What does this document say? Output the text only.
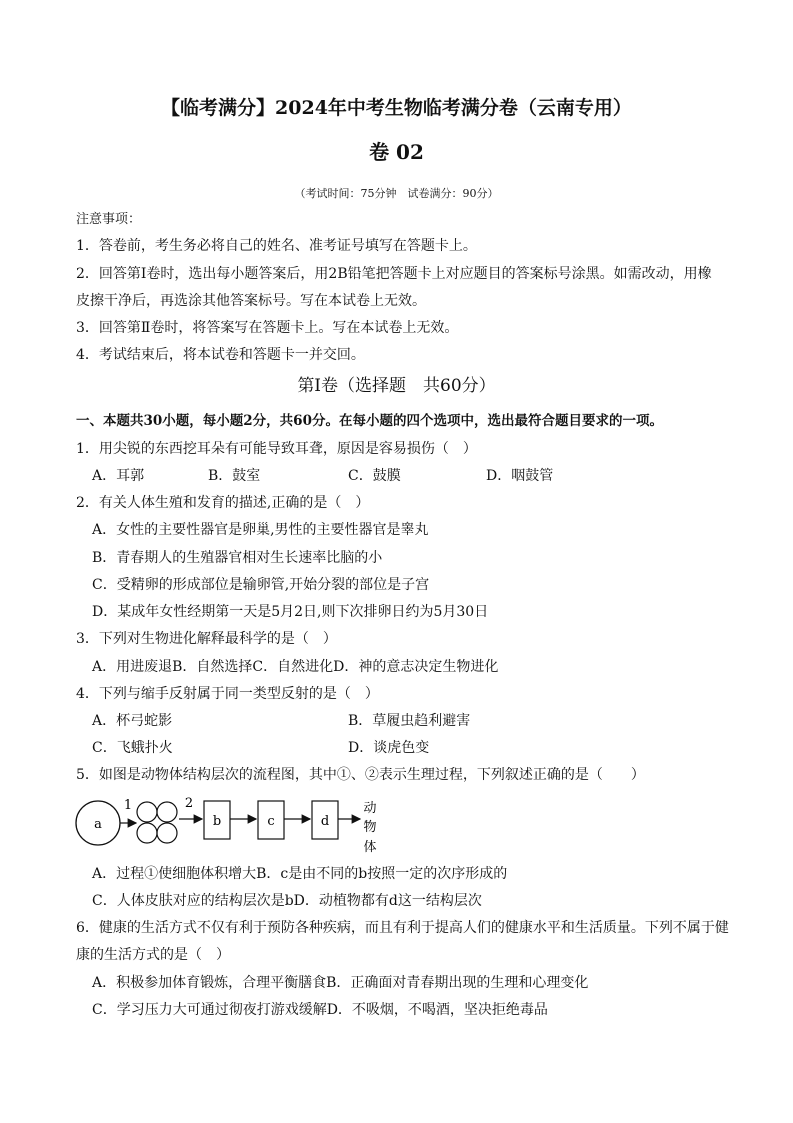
【临考满分】2024年中考生物临考满分卷（云南专用）
卷 02
（考试时间：75分钟　试卷满分：90分）
注意事项：
1．答卷前，考生务必将自己的姓名、准考证号填写在答题卡上。
2．回答第Ⅰ卷时，选出每小题答案后，用2B铅笔把答题卡上对应题目的答案标号涂黑。如需改动，用橡
皮擦干净后，再选涂其他答案标号。写在本试卷上无效。
3．回答第Ⅱ卷时，将答案写在答题卡上。写在本试卷上无效。
4．考试结束后，将本试卷和答题卡一并交回。
第Ⅰ卷（选择题　共60分）
一、本题共30小题，每小题2分，共60分。在每小题的四个选项中，选出最符合题目要求的一项。
1．用尖锐的东西挖耳朵有可能导致耳聋，原因是容易损伤（　）
A．耳郭	B．鼓室	C．鼓膜	D．咽鼓管
2．有关人体生殖和发育的描述,正确的是（　）
A．女性的主要性器官是卵巢,男性的主要性器官是睾丸
B．青春期人的生殖器官相对生长速率比脑的小
C．受精卵的形成部位是输卵管,开始分裂的部位是子宫
D．某成年女性经期第一天是5月2日,则下次排卵日约为5月30日
3．下列对生物进化解释最科学的是（　）
A．用进废退B．自然选择C．自然进化D．神的意志决定生物进化
4．下列与缩手反射属于同一类型反射的是（　）
A．杯弓蛇影	B．草履虫趋利避害
C．飞蛾扑火	D．谈虎色变
5．如图是动物体结构层次的流程图，其中①、②表示生理过程，下列叙述正确的是（　　）
a
1	2
b	c	d
动
物
体
A．过程①使细胞体积增大B．c是由不同的b按照一定的次序形成的
C．人体皮肤对应的结构层次是bD．动植物都有d这一结构层次
6．健康的生活方式不仅有利于预防各种疾病，而且有利于提高人们的健康水平和生活质量。下列不属于健
康的生活方式的是（　）
A．积极参加体育锻炼，合理平衡膳食B．正确面对青春期出现的生理和心理变化
C．学习压力大可通过彻夜打游戏缓解D．不吸烟，不喝酒，坚决拒绝毒品
